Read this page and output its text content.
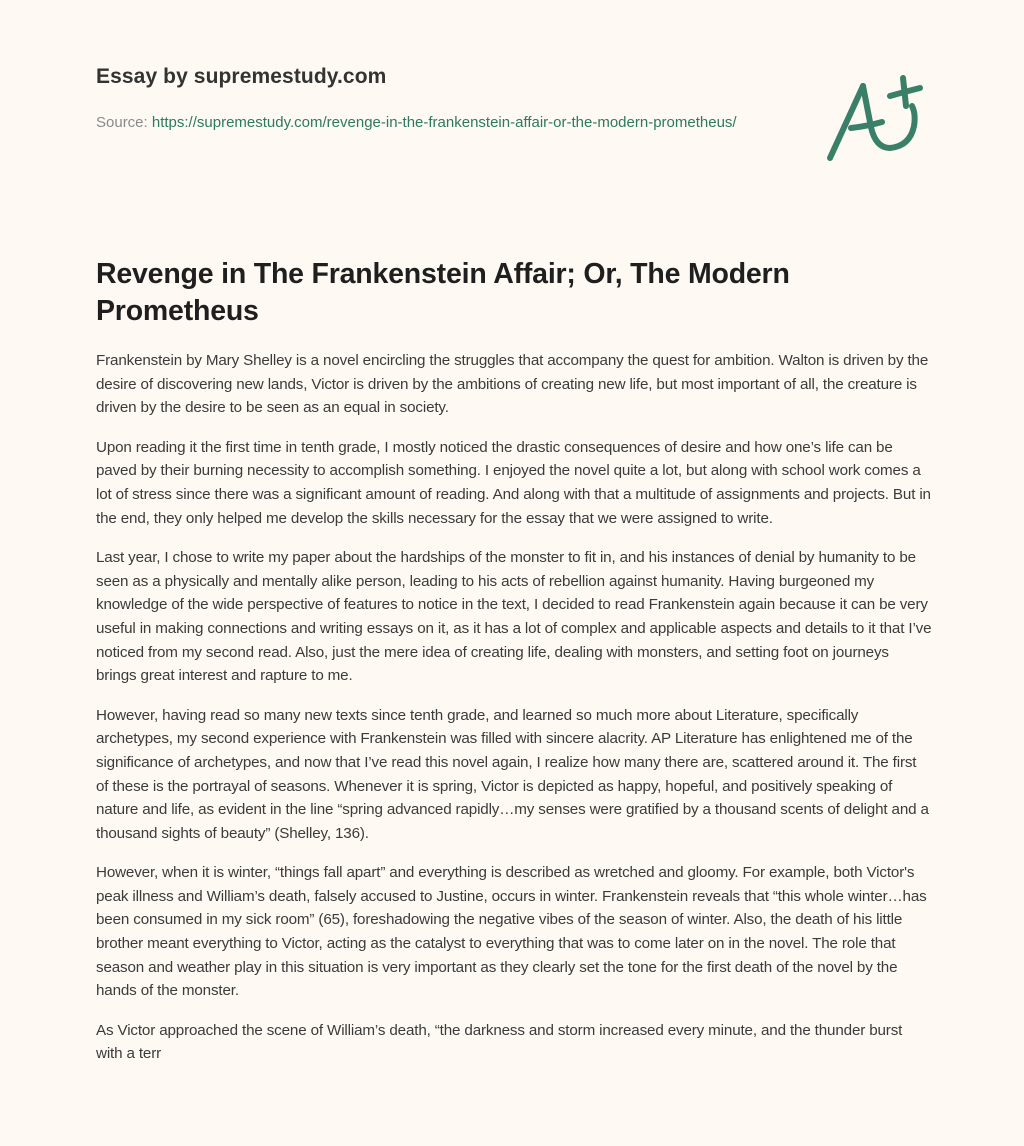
Essay by supremestudy.com
Source: https://supremestudy.com/revenge-in-the-frankenstein-affair-or-the-modern-prometheus/
Revenge in The Frankenstein Affair; Or, The Modern Prometheus

Frankenstein by Mary Shelley is a novel encircling the struggles that accompany the quest for ambition. Walton is driven by the desire of discovering new lands, Victor is driven by the ambitions of creating new life, but most important of all, the creature is driven by the desire to be seen as an equal in society.

Upon reading it the first time in tenth grade, I mostly noticed the drastic consequences of desire and how one’s life can be paved by their burning necessity to accomplish something. I enjoyed the novel quite a lot, but along with school work comes a lot of stress since there was a significant amount of reading. And along with that a multitude of assignments and projects. But in the end, they only helped me develop the skills necessary for the essay that we were assigned to write.

Last year, I chose to write my paper about the hardships of the monster to fit in, and his instances of denial by humanity to be seen as a physically and mentally alike person, leading to his acts of rebellion against humanity. Having burgeoned my knowledge of the wide perspective of features to notice in the text, I decided to read Frankenstein again because it can be very useful in making connections and writing essays on it, as it has a lot of complex and applicable aspects and details to it that I’ve noticed from my second read. Also, just the mere idea of creating life, dealing with monsters, and setting foot on journeys brings great interest and rapture to me.

However, having read so many new texts since tenth grade, and learned so much more about Literature, specifically archetypes, my second experience with Frankenstein was filled with sincere alacrity. AP Literature has enlightened me of the significance of archetypes, and now that I’ve read this novel again, I realize how many there are, scattered around it. The first of these is the portrayal of seasons. Whenever it is spring, Victor is depicted as happy, hopeful, and positively speaking of nature and life, as evident in the line “spring advanced rapidly…my senses were gratified by a thousand scents of delight and a thousand sights of beauty” (Shelley, 136).

However, when it is winter, “things fall apart” and everything is described as wretched and gloomy. For example, both Victor's peak illness and William’s death, falsely accused to Justine, occurs in winter. Frankenstein reveals that “this whole winter…has been consumed in my sick room” (65), foreshadowing the negative vibes of the season of winter. Also, the death of his little brother meant everything to Victor, acting as the catalyst to everything that was to come later on in the novel. The role that season and weather play in this situation is very important as they clearly set the tone for the first death of the novel by the hands of the monster.

As Victor approached the scene of William’s death, “the darkness and storm increased every minute, and the thunder burst with a terr
